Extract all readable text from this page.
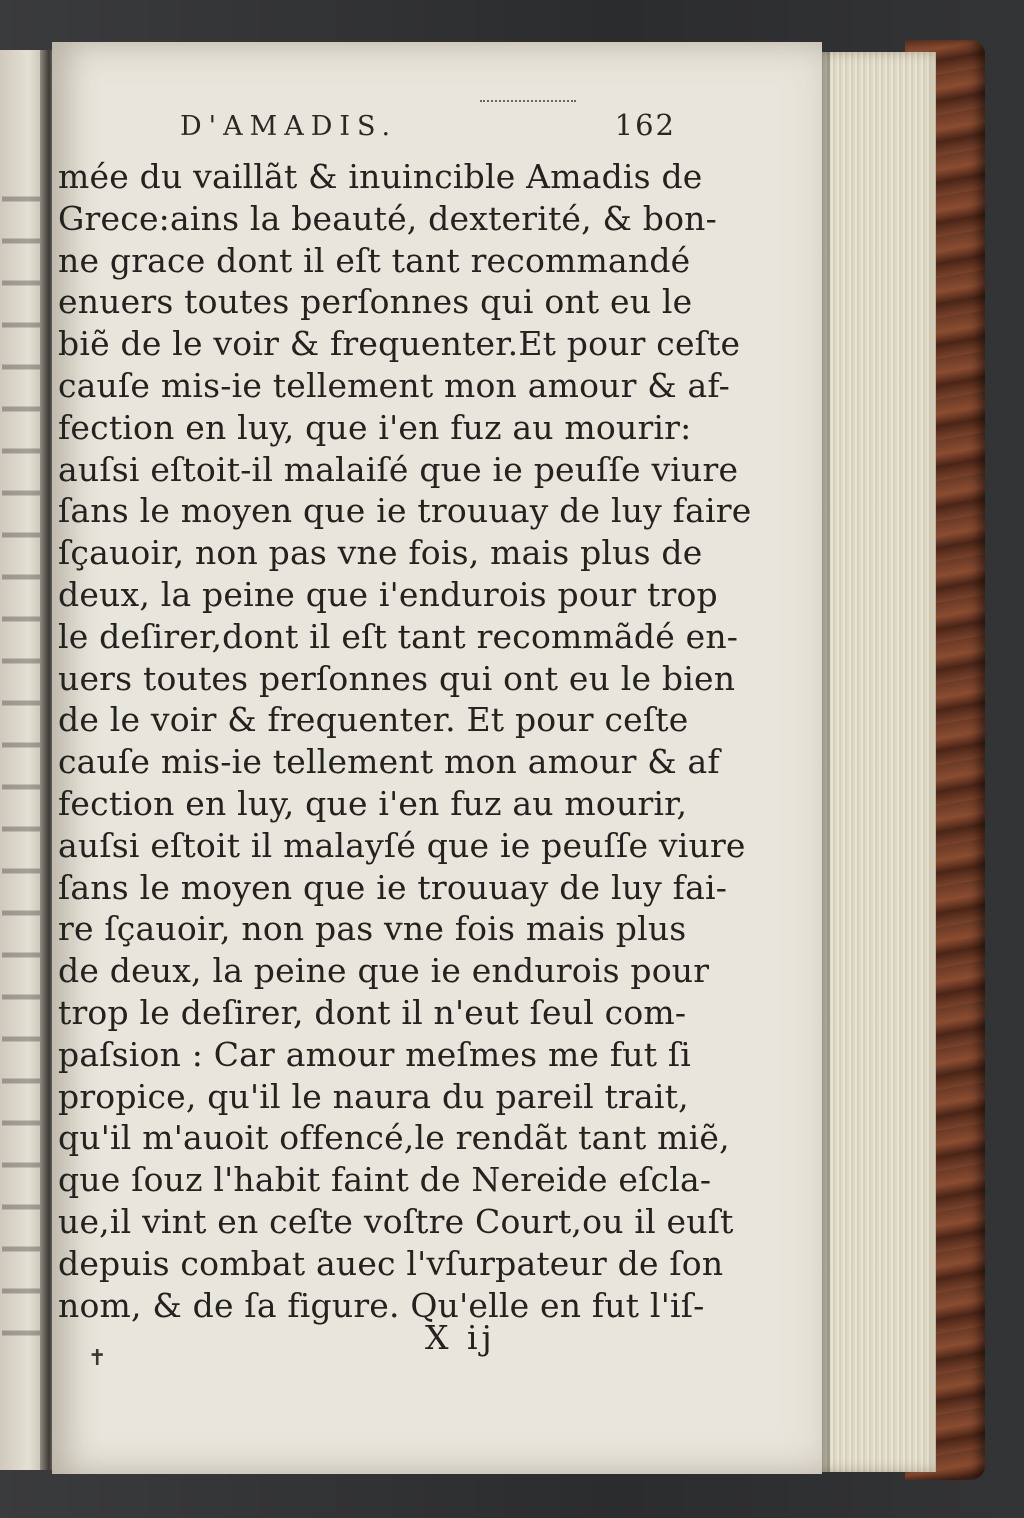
D'AMADIS.	162
mée du vaillãt & inuincible Amadis de
Grece:ains la beauté, dexterité, & bon-
ne grace dont il eſt tant recommandé
enuers toutes perſonnes qui ont eu le
biẽ de le voir & frequenter.Et pour ceſte
cauſe mis-ie tellement mon amour & af-
fection en luy, que i'en fuz au mourir:
auſsi eſtoit-il malaiſé que ie peuſſe viure
ſans le moyen que ie trouuay de luy faire
ſçauoir, non pas vne fois, mais plus de
deux, la peine que i'endurois pour trop
le deſirer,dont il eſt tant recommãdé en-
uers toutes perſonnes qui ont eu le bien
de le voir & frequenter. Et pour ceſte
cauſe mis-ie tellement mon amour & af
fection en luy, que i'en fuz au mourir,
auſsi eſtoit il malayſé que ie peuſſe viure
ſans le moyen que ie trouuay de luy fai-
re ſçauoir, non pas vne fois mais plus
de deux, la peine que ie endurois pour
trop le deſirer, dont il n'eut ſeul com-
paſsion : Car amour meſmes me fut ſi
propice, qu'il le naura du pareil trait,
qu'il m'auoit offencé,le rendãt tant miẽ,
que ſouz l'habit faint de Nereide eſcla-
ue,il vint en ceſte voſtre Court,ou il euſt
depuis combat auec l'vſurpateur de ſon
nom, & de ſa figure. Qu'elle en fut l'iſ-
X ij
✝
